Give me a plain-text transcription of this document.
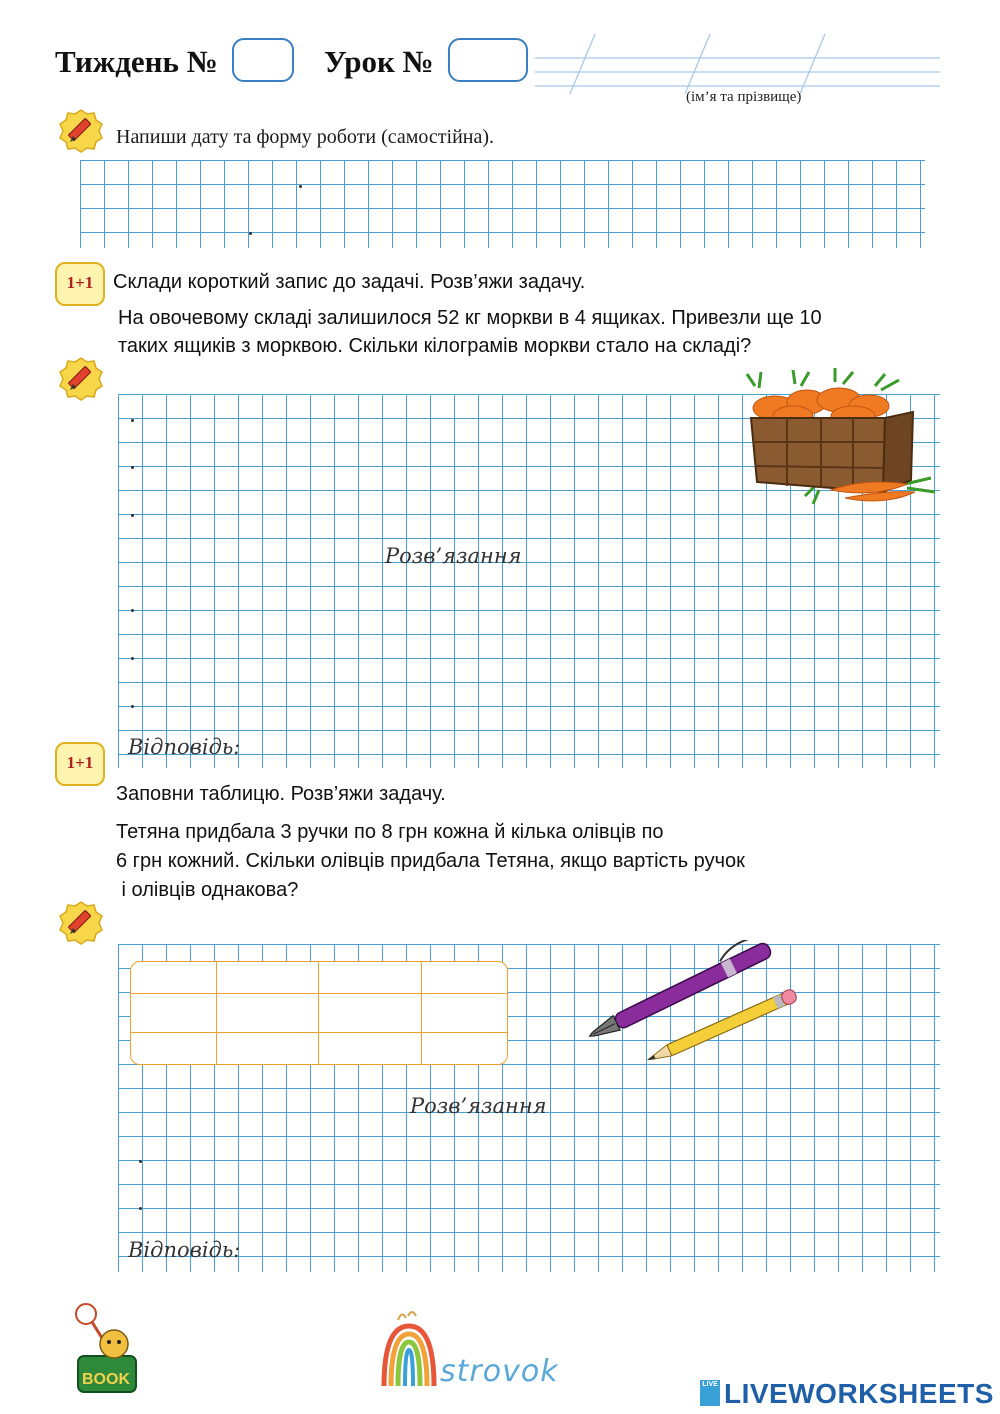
Тиждень №	Урок №
(ім’я та прізвище)
Напиши дату та форму роботи (самостійна).
1+1 Склади короткий запис до задачі. Розв’яжи задачу.
На овочевому складі залишилося 52 кг моркви в 4 ящиках. Привезли ще 10
таких ящиків з морквою. Скільки кілограмів моркви стало на складі?
Розв’язання
Відповідь:
1+1
Заповни таблицю. Розв’яжи задачу.
Тетяна придбала 3 ручки по 8 грн кожна й кілька олівців по
6 грн кожний. Скільки олівців придбала Тетяна, якщо вартість ручок
і олівців однакова?

Розв’язання
Відповідь:
BOOK	strovok	LIVE LIVEWORKSHEETS
